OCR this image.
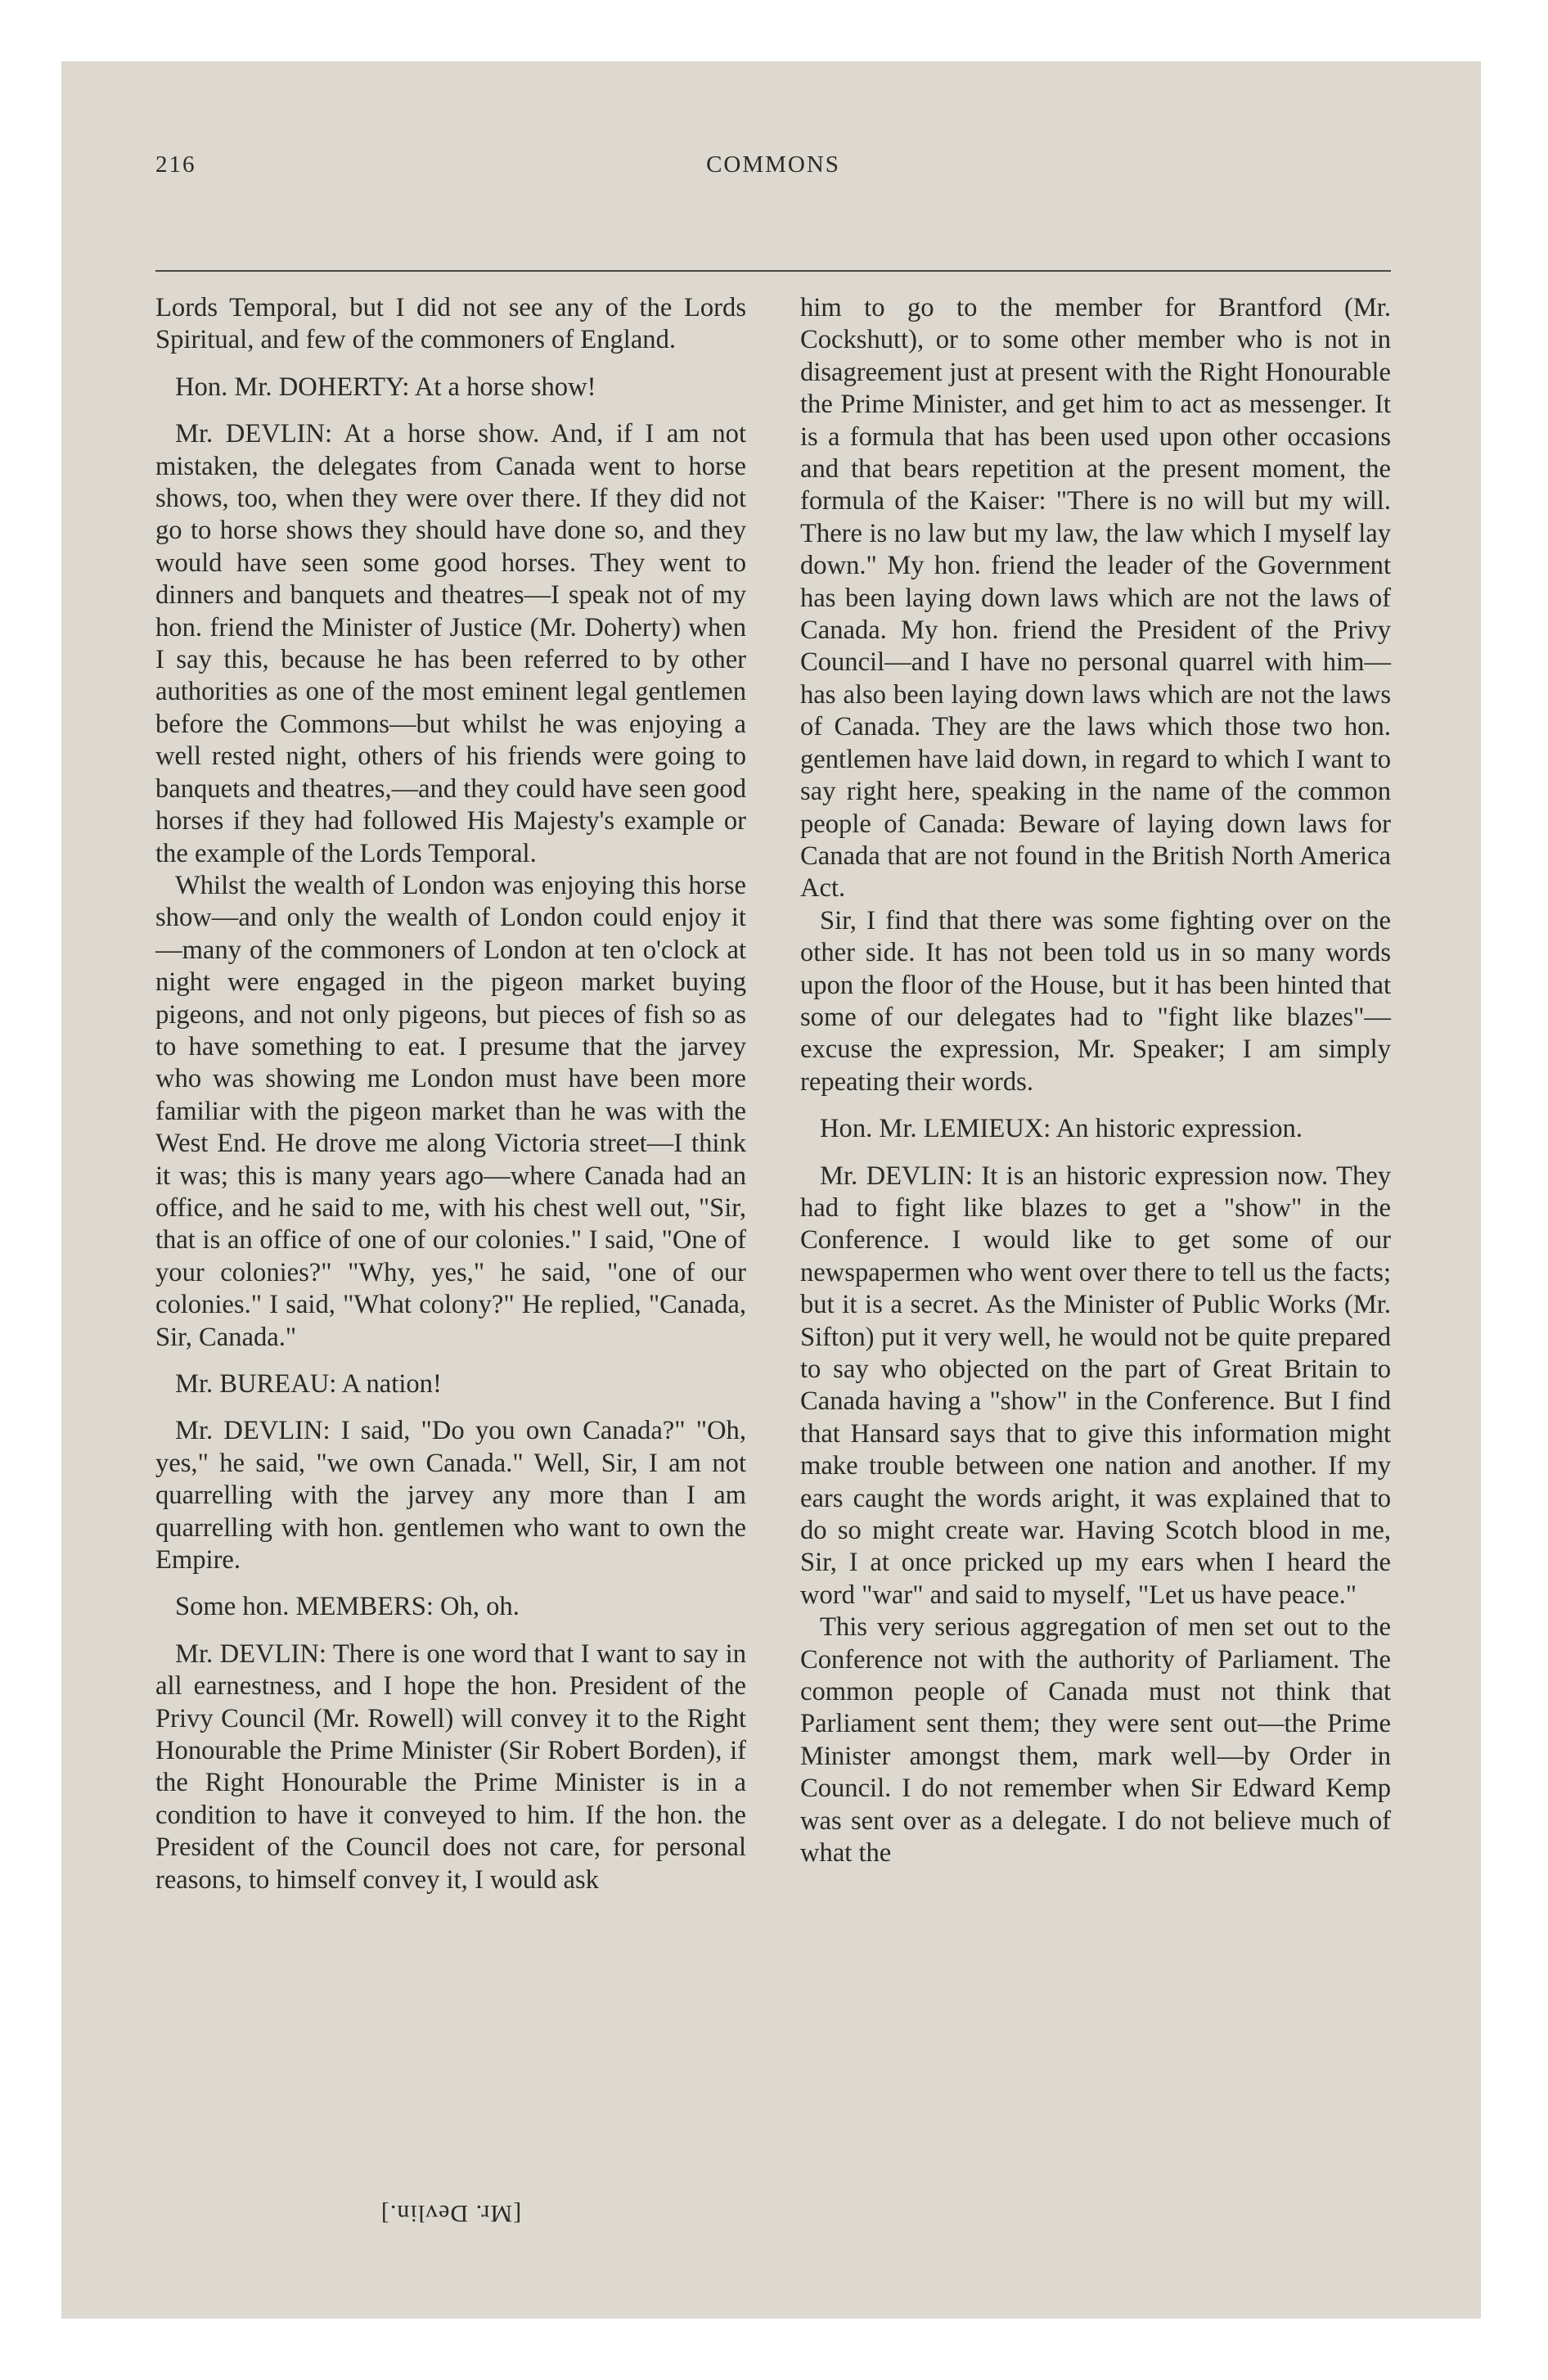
216	COMMONS

Lords Temporal, but I did not see any of the Lords Spiritual, and few of the commoners of England.

Hon. Mr. DOHERTY: At a horse show!

Mr. DEVLIN: At a horse show. And, if I am not mistaken, the delegates from Canada went to horse shows, too, when they were over there. If they did not go to horse shows they should have done so, and they would have seen some good horses. They went to dinners and banquets and theatres—I speak not of my hon. friend the Minister of Justice (Mr. Doherty) when I say this, because he has been referred to by other authorities as one of the most eminent legal gentlemen before the Commons—but whilst he was enjoying a well rested night, others of his friends were going to banquets and theatres,—and they could have seen good horses if they had followed His Majesty's example or the example of the Lords Temporal.

Whilst the wealth of London was enjoying this horse show—and only the wealth of London could enjoy it—many of the commoners of London at ten o'clock at night were engaged in the pigeon market buying pigeons, and not only pigeons, but pieces of fish so as to have something to eat. I presume that the jarvey who was showing me London must have been more familiar with the pigeon market than he was with the West End. He drove me along Victoria street—I think it was; this is many years ago—where Canada had an office, and he said to me, with his chest well out, "Sir, that is an office of one of our colonies." I said, "One of your colonies?" "Why, yes," he said, "one of our colonies." I said, "What colony?" He replied, "Canada, Sir, Canada."

Mr. BUREAU: A nation!

Mr. DEVLIN: I said, "Do you own Canada?" "Oh, yes," he said, "we own Canada." Well, Sir, I am not quarrelling with the jarvey any more than I am quarrelling with hon. gentlemen who want to own the Empire.

Some hon. MEMBERS: Oh, oh.

Mr. DEVLIN: There is one word that I want to say in all earnestness, and I hope the hon. President of the Privy Council (Mr. Rowell) will convey it to the Right Honourable the Prime Minister (Sir Robert Borden), if the Right Honourable the Prime Minister is in a condition to have it conveyed to him. If the hon. the President of the Council does not care, for personal reasons, to himself convey it, I would ask

him to go to the member for Brantford (Mr. Cockshutt), or to some other member who is not in disagreement just at present with the Right Honourable the Prime Minister, and get him to act as messenger. It is a formula that has been used upon other occasions and that bears repetition at the present moment, the formula of the Kaiser: "There is no will but my will. There is no law but my law, the law which I myself lay down." My hon. friend the leader of the Government has been laying down laws which are not the laws of Canada. My hon. friend the President of the Privy Council—and I have no personal quarrel with him—has also been laying down laws which are not the laws of Canada. They are the laws which those two hon. gentlemen have laid down, in regard to which I want to say right here, speaking in the name of the common people of Canada: Beware of laying down laws for Canada that are not found in the British North America Act.

Sir, I find that there was some fighting over on the other side. It has not been told us in so many words upon the floor of the House, but it has been hinted that some of our delegates had to "fight like blazes"—excuse the expression, Mr. Speaker; I am simply repeating their words.

Hon. Mr. LEMIEUX: An historic expression.

Mr. DEVLIN: It is an historic expression now. They had to fight like blazes to get a "show" in the Conference. I would like to get some of our newspapermen who went over there to tell us the facts; but it is a secret. As the Minister of Public Works (Mr. Sifton) put it very well, he would not be quite prepared to say who objected on the part of Great Britain to Canada having a "show" in the Conference. But I find that Hansard says that to give this information might make trouble between one nation and another. If my ears caught the words aright, it was explained that to do so might create war. Having Scotch blood in me, Sir, I at once pricked up my ears when I heard the word "war" and said to myself, "Let us have peace."

This very serious aggregation of men set out to the Conference not with the authority of Parliament. The common people of Canada must not think that Parliament sent them; they were sent out—the Prime Minister amongst them, mark well—by Order in Council. I do not remember when Sir Edward Kemp was sent over as a delegate. I do not believe much of what the

[Mr. Devlin.]
